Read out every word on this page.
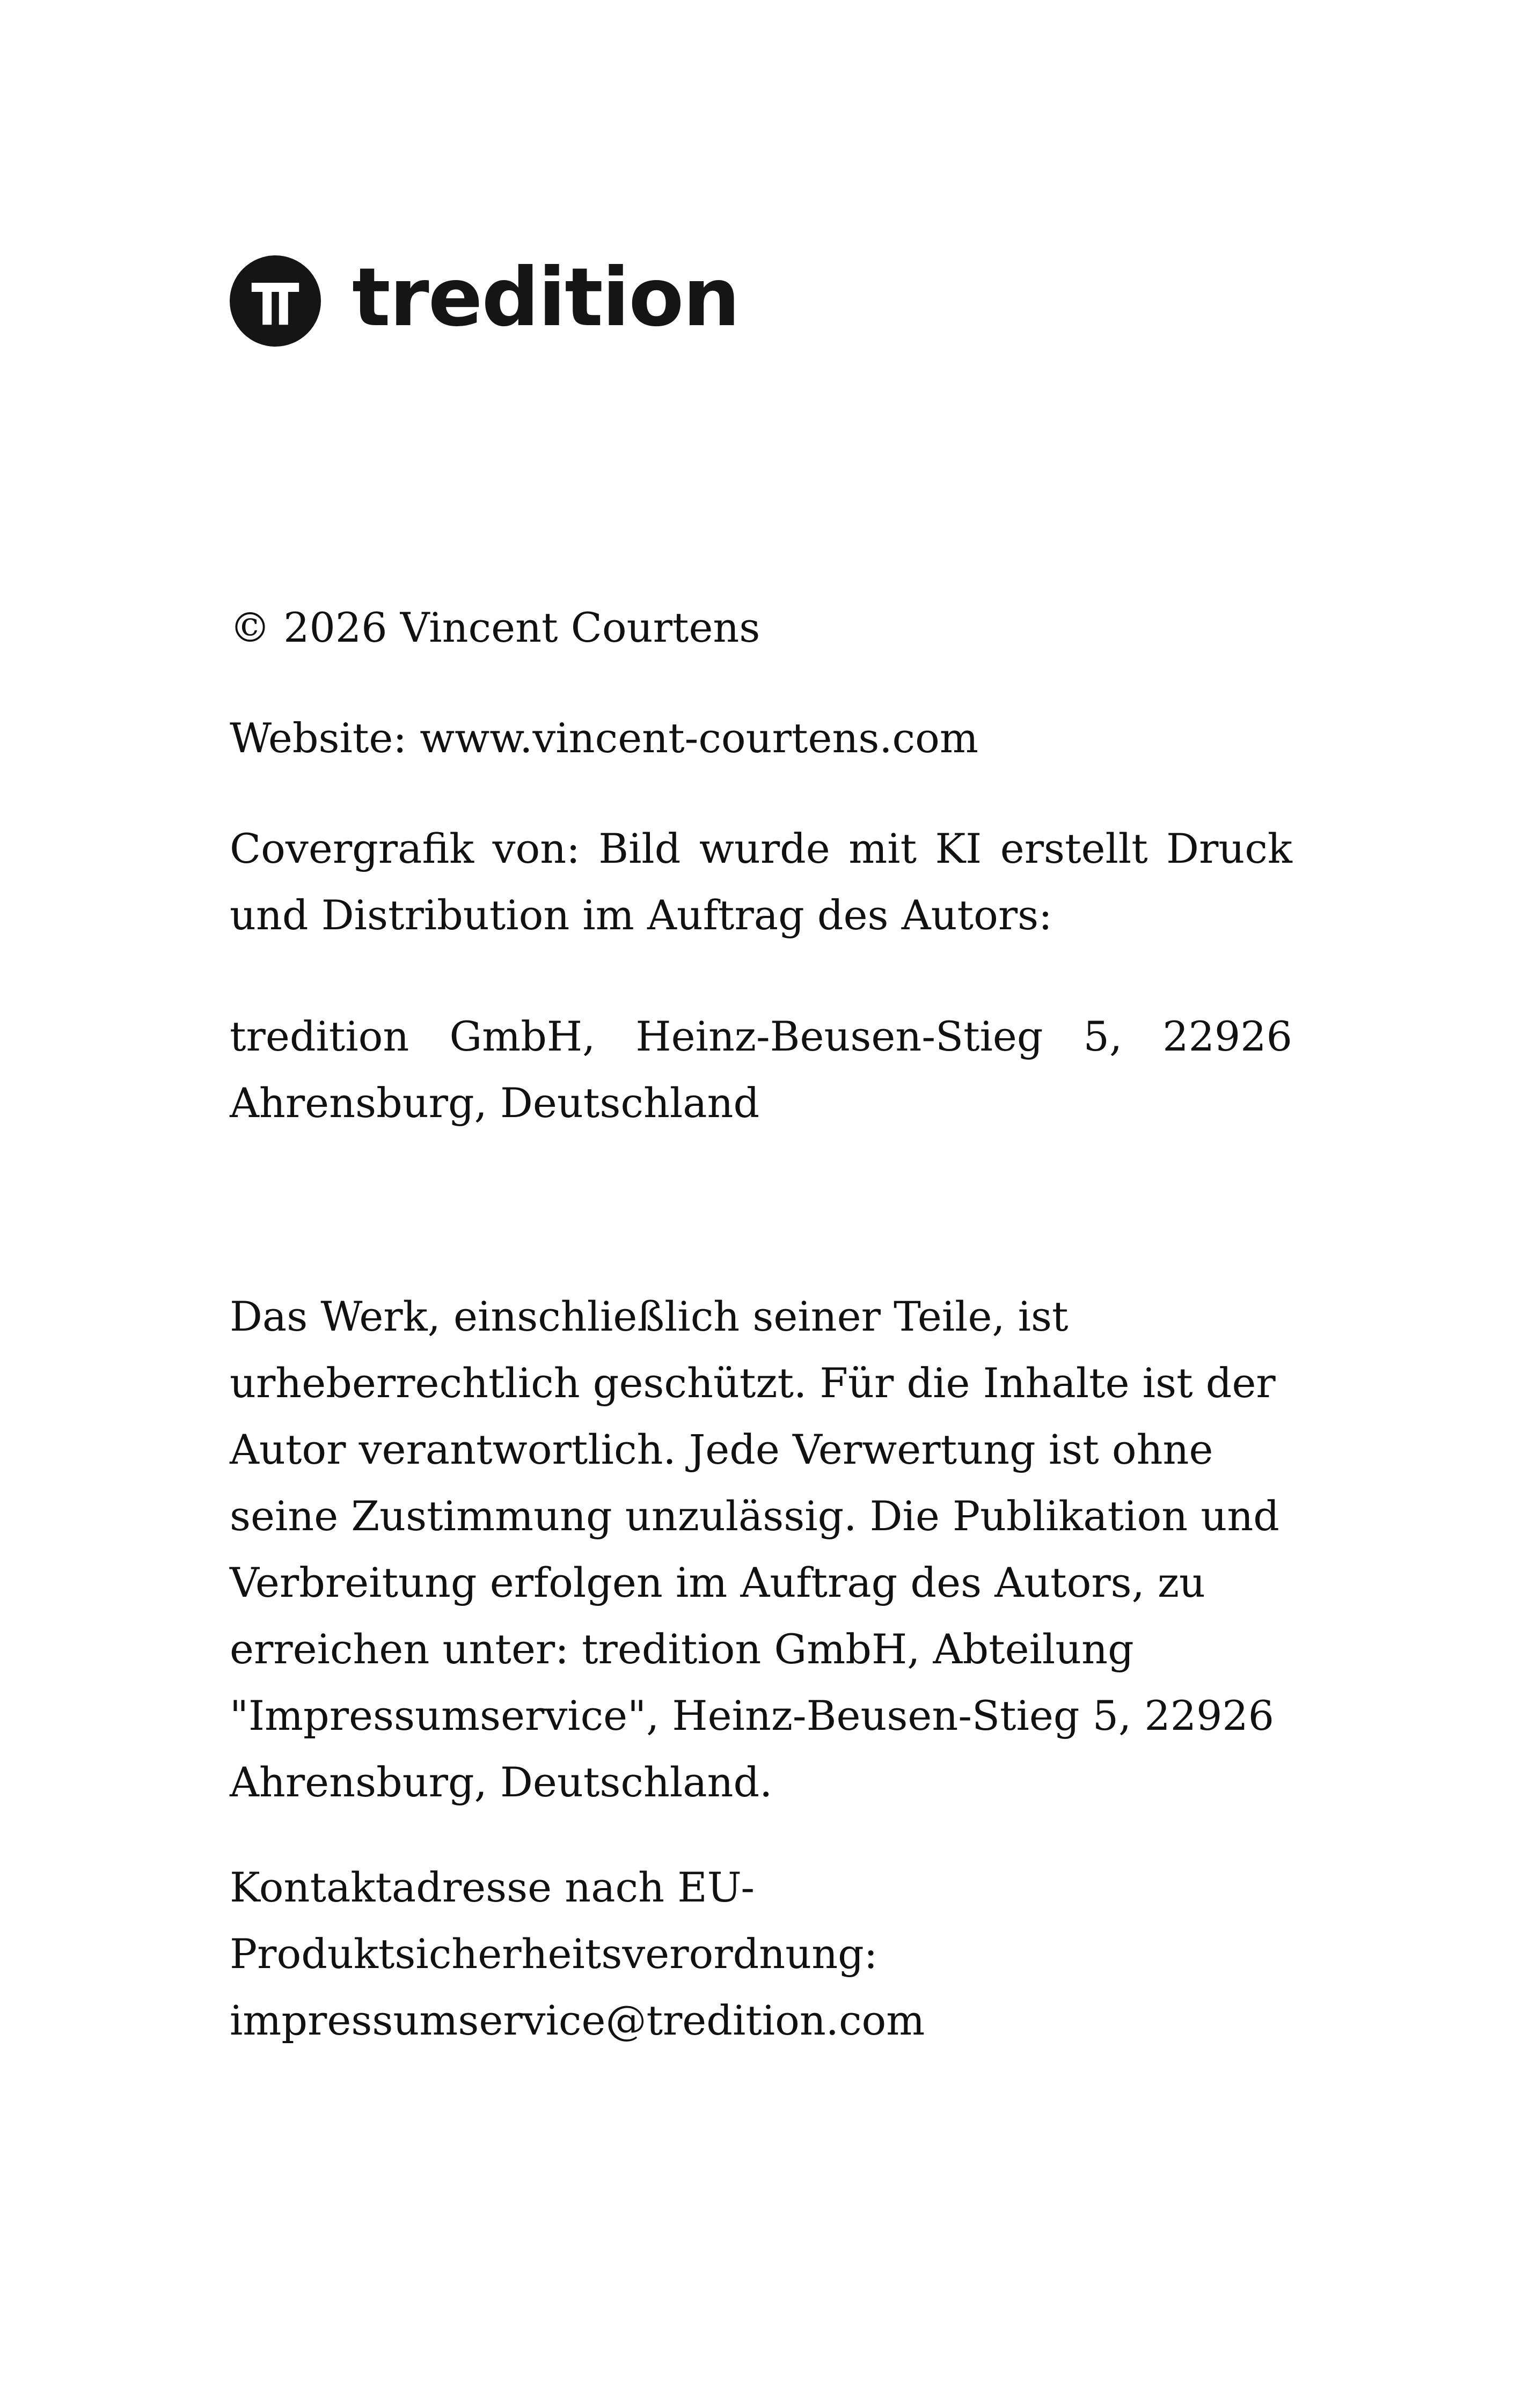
tredition

© 2026 Vincent Courtens

Website: www.vincent-courtens.com

Covergrafik von: Bild wurde mit KI erstellt Druck und Distribution im Auftrag des Autors:

tredition GmbH, Heinz-Beusen-Stieg 5, 22926 Ahrensburg, Deutschland

Das Werk, einschließlich seiner Teile, ist urheberrechtlich geschützt. Für die Inhalte ist der Autor verantwortlich. Jede Verwertung ist ohne seine Zustimmung unzulässig. Die Publikation und Verbreitung erfolgen im Auftrag des Autors, zu erreichen unter: tredition GmbH, Abteilung "Impressumservice", Heinz-Beusen-Stieg 5, 22926 Ahrensburg, Deutschland.

Kontaktadresse nach EU-Produktsicherheitsverordnung:
impressumservice@tredition.com
